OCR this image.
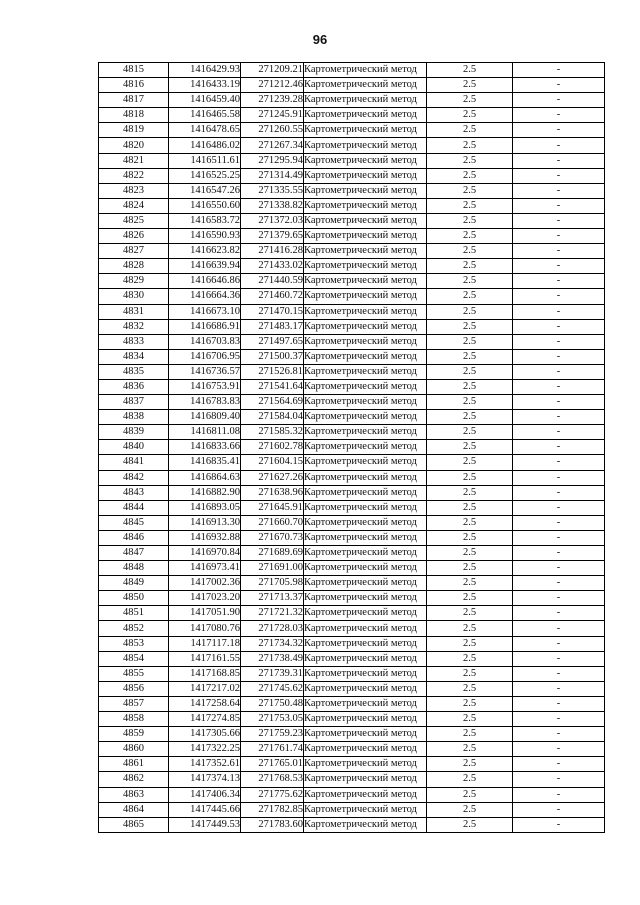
96
4815	1416429.93	271209.21	Картометрический метод	2.5	-
4816	1416433.19	271212.46	Картометрический метод	2.5	-
4817	1416459.40	271239.28	Картометрический метод	2.5	-
4818	1416465.58	271245.91	Картометрический метод	2.5	-
4819	1416478.65	271260.55	Картометрический метод	2.5	-
4820	1416486.02	271267.34	Картометрический метод	2.5	-
4821	1416511.61	271295.94	Картометрический метод	2.5	-
4822	1416525.25	271314.49	Картометрический метод	2.5	-
4823	1416547.26	271335.55	Картометрический метод	2.5	-
4824	1416550.60	271338.82	Картометрический метод	2.5	-
4825	1416583.72	271372.03	Картометрический метод	2.5	-
4826	1416590.93	271379.65	Картометрический метод	2.5	-
4827	1416623.82	271416.28	Картометрический метод	2.5	-
4828	1416639.94	271433.02	Картометрический метод	2.5	-
4829	1416646.86	271440.59	Картометрический метод	2.5	-
4830	1416664.36	271460.72	Картометрический метод	2.5	-
4831	1416673.10	271470.15	Картометрический метод	2.5	-
4832	1416686.91	271483.17	Картометрический метод	2.5	-
4833	1416703.83	271497.65	Картометрический метод	2.5	-
4834	1416706.95	271500.37	Картометрический метод	2.5	-
4835	1416736.57	271526.81	Картометрический метод	2.5	-
4836	1416753.91	271541.64	Картометрический метод	2.5	-
4837	1416783.83	271564.69	Картометрический метод	2.5	-
4838	1416809.40	271584.04	Картометрический метод	2.5	-
4839	1416811.08	271585.32	Картометрический метод	2.5	-
4840	1416833.66	271602.78	Картометрический метод	2.5	-
4841	1416835.41	271604.15	Картометрический метод	2.5	-
4842	1416864.63	271627.26	Картометрический метод	2.5	-
4843	1416882.90	271638.96	Картометрический метод	2.5	-
4844	1416893.05	271645.91	Картометрический метод	2.5	-
4845	1416913.30	271660.70	Картометрический метод	2.5	-
4846	1416932.88	271670.73	Картометрический метод	2.5	-
4847	1416970.84	271689.69	Картометрический метод	2.5	-
4848	1416973.41	271691.00	Картометрический метод	2.5	-
4849	1417002.36	271705.98	Картометрический метод	2.5	-
4850	1417023.20	271713.37	Картометрический метод	2.5	-
4851	1417051.90	271721.32	Картометрический метод	2.5	-
4852	1417080.76	271728.03	Картометрический метод	2.5	-
4853	1417117.18	271734.32	Картометрический метод	2.5	-
4854	1417161.55	271738.49	Картометрический метод	2.5	-
4855	1417168.85	271739.31	Картометрический метод	2.5	-
4856	1417217.02	271745.62	Картометрический метод	2.5	-
4857	1417258.64	271750.48	Картометрический метод	2.5	-
4858	1417274.85	271753.05	Картометрический метод	2.5	-
4859	1417305.66	271759.23	Картометрический метод	2.5	-
4860	1417322.25	271761.74	Картометрический метод	2.5	-
4861	1417352.61	271765.01	Картометрический метод	2.5	-
4862	1417374.13	271768.53	Картометрический метод	2.5	-
4863	1417406.34	271775.62	Картометрический метод	2.5	-
4864	1417445.66	271782.85	Картометрический метод	2.5	-
4865	1417449.53	271783.60	Картометрический метод	2.5	-
